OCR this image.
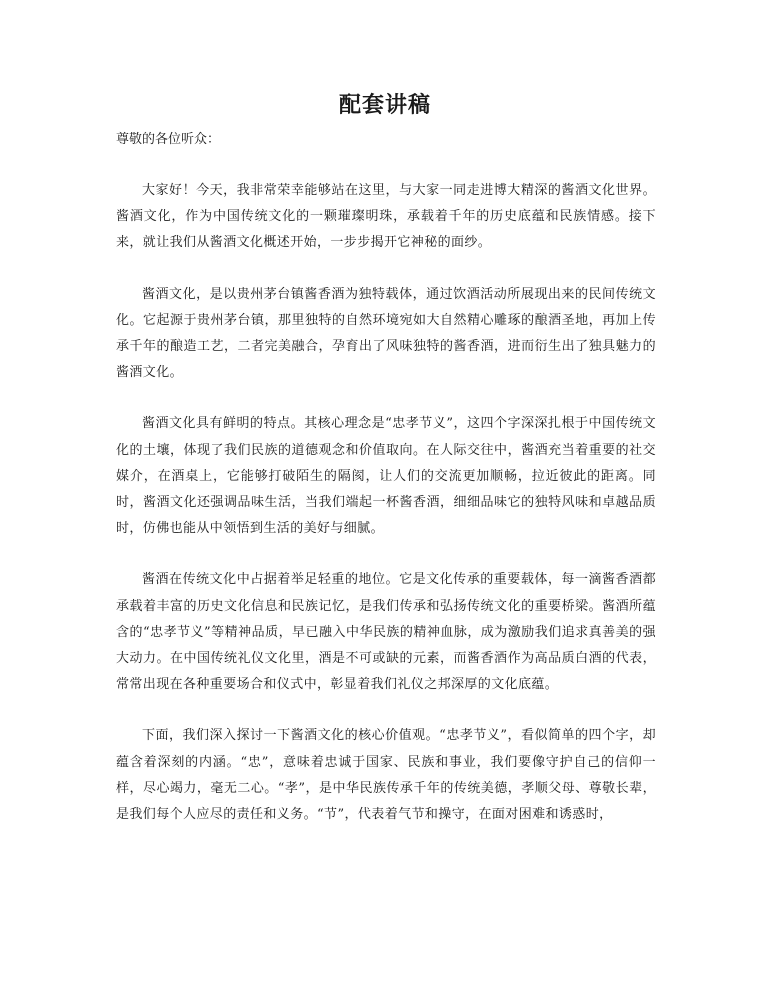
配套讲稿

尊敬的各位听众：

大家好！今天，我非常荣幸能够站在这里，与大家一同走进博大精深的酱酒文化世界。酱酒文化，作为中国传统文化的一颗璀璨明珠，承载着千年的历史底蕴和民族情感。接下来，就让我们从酱酒文化概述开始，一步步揭开它神秘的面纱。

酱酒文化，是以贵州茅台镇酱香酒为独特载体，通过饮酒活动所展现出来的民间传统文化。它起源于贵州茅台镇，那里独特的自然环境宛如大自然精心雕琢的酿酒圣地，再加上传承千年的酿造工艺，二者完美融合，孕育出了风味独特的酱香酒，进而衍生出了独具魅力的酱酒文化。

酱酒文化具有鲜明的特点。其核心理念是“忠孝节义”，这四个字深深扎根于中国传统文化的土壤，体现了我们民族的道德观念和价值取向。在人际交往中，酱酒充当着重要的社交媒介，在酒桌上，它能够打破陌生的隔阂，让人们的交流更加顺畅，拉近彼此的距离。同时，酱酒文化还强调品味生活，当我们端起一杯酱香酒，细细品味它的独特风味和卓越品质时，仿佛也能从中领悟到生活的美好与细腻。

酱酒在传统文化中占据着举足轻重的地位。它是文化传承的重要载体，每一滴酱香酒都承载着丰富的历史文化信息和民族记忆，是我们传承和弘扬传统文化的重要桥梁。酱酒所蕴含的“忠孝节义”等精神品质，早已融入中华民族的精神血脉，成为激励我们追求真善美的强大动力。在中国传统礼仪文化里，酒是不可或缺的元素，而酱香酒作为高品质白酒的代表，常常出现在各种重要场合和仪式中，彰显着我们礼仪之邦深厚的文化底蕴。

下面，我们深入探讨一下酱酒文化的核心价值观。“忠孝节义”，看似简单的四个字，却蕴含着深刻的内涵。“忠”，意味着忠诚于国家、民族和事业，我们要像守护自己的信仰一样，尽心竭力，毫无二心。“孝”，是中华民族传承千年的传统美德，孝顺父母、尊敬长辈，是我们每个人应尽的责任和义务。“节”，代表着气节和操守，在面对困难和诱惑时，
